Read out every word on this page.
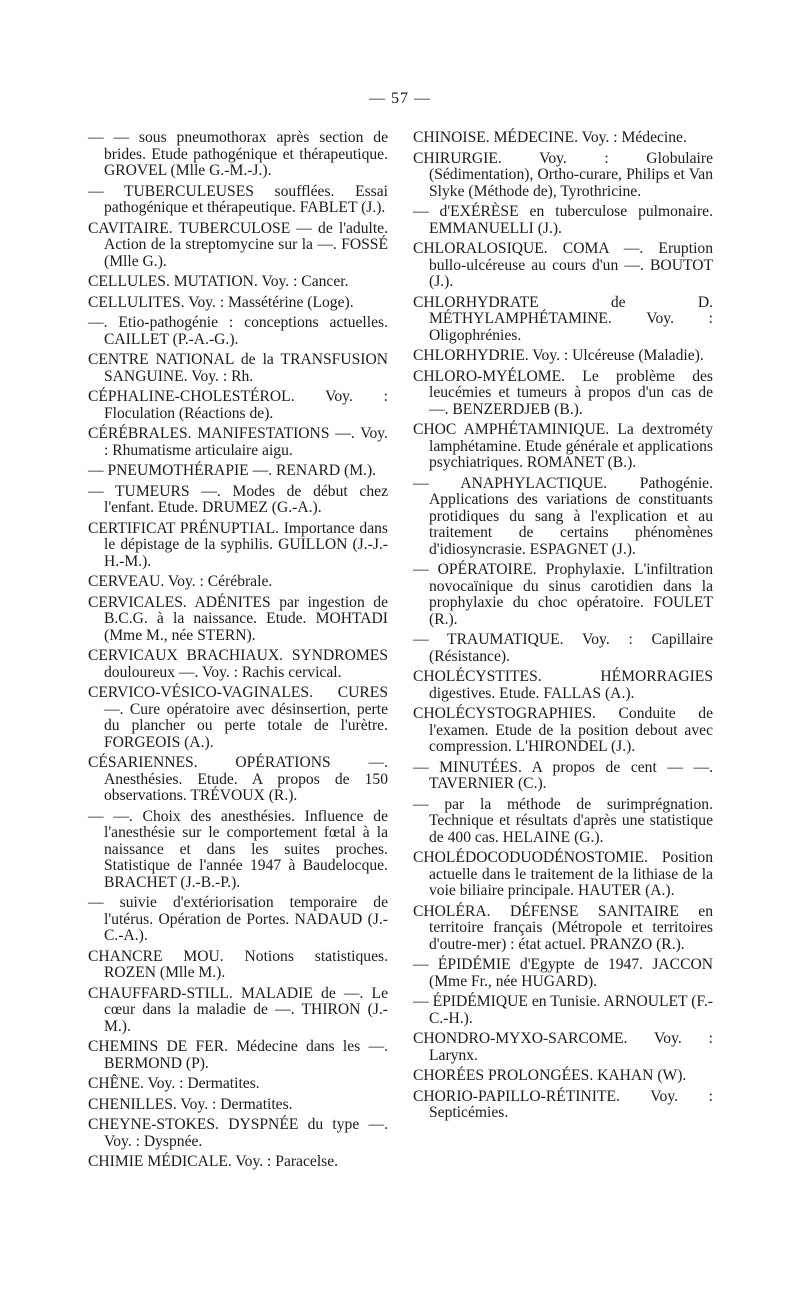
— 57 —

— — sous pneumothorax après section de brides. Etude pathogénique et thérapeutique. GROVEL (Mlle G.-M.-J.).

— TUBERCULEUSES soufflées. Essai pathogénique et thérapeutique. FABLET (J.).

CAVITAIRE. TUBERCULOSE — de l'adulte. Action de la streptomycine sur la —. FOSSÉ (Mlle G.).

CELLULES. MUTATION. Voy. : Cancer.

CELLULITES. Voy. : Massétérine (Loge).

—. Etio-pathogénie : conceptions actuelles. CAILLET (P.-A.-G.).

CENTRE NATIONAL de la TRANSFUSION SANGUINE. Voy. : Rh.

CÉPHALINE-CHOLESTÉROL. Voy. : Floculation (Réactions de).

CÉRÉBRALES. MANIFESTATIONS —. Voy. : Rhumatisme articulaire aigu.

— PNEUMOTHÉRAPIE —. RENARD (M.).

— TUMEURS —. Modes de début chez l'enfant. Etude. DRUMEZ (G.-A.).

CERTIFICAT PRÉNUPTIAL. Importance dans le dépistage de la syphilis. GUILLON (J.-J.-H.-M.).

CERVEAU. Voy. : Cérébrale.

CERVICALES. ADÉNITES par ingestion de B.C.G. à la naissance. Etude. MOHTADI (Mme M., née STERN).

CERVICAUX BRACHIAUX. SYNDROMES douloureux —. Voy. : Rachis cervical.

CERVICO-VÉSICO-VAGINALES. CURES —. Cure opératoire avec désinsertion, perte du plancher ou perte totale de l'urètre. FORGEOIS (A.).

CÉSARIENNES. OPÉRATIONS —. Anesthésies. Etude. A propos de 150 observations. TRÉVOUX (R.).

— —. Choix des anesthésies. Influence de l'anesthésie sur le comportement fœtal à la naissance et dans les suites proches. Statistique de l'année 1947 à Baudelocque. BRACHET (J.-B.-P.).

— suivie d'extériorisation temporaire de l'utérus. Opération de Portes. NADAUD (J.-C.-A.).

CHANCRE MOU. Notions statistiques. ROZEN (Mlle M.).

CHAUFFARD-STILL. MALADIE de —. Le cœur dans la maladie de —. THIRON (J.-M.).

CHEMINS DE FER. Médecine dans les —. BERMOND (P).

CHÊNE. Voy. : Dermatites.

CHENILLES. Voy. : Dermatites.

CHEYNE-STOKES. DYSPNÉE du type —. Voy. : Dyspnée.

CHIMIE MÉDICALE. Voy. : Paracelse.

CHINOISE. MÉDECINE. Voy. : Médecine.

CHIRURGIE. Voy. : Globulaire (Sédimentation), Ortho-curare, Philips et Van Slyke (Méthode de), Tyrothricine.

— d'EXÉRÈSE en tuberculose pulmonaire. EMMANUELLI (J.).

CHLORALOSIQUE. COMA —. Eruption bullo-ulcéreuse au cours d'un —. BOUTOT (J.).

CHLORHYDRATE de D. MÉTHYLAMPHÉTAMINE. Voy. : Oligophrénies.

CHLORHYDRIE. Voy. : Ulcéreuse (Maladie).

CHLORO-MYÉLOME. Le problème des leucémies et tumeurs à propos d'un cas de —. BENZERDJEB (B.).

CHOC AMPHÉTAMINIQUE. La dextrométy lamphétamine. Etude générale et applications psychiatriques. ROMANET (B.).

— ANAPHYLACTIQUE. Pathogénie. Applications des variations de constituants protidiques du sang à l'explication et au traitement de certains phénomènes d'idiosyncrasie. ESPAGNET (J.).

— OPÉRATOIRE. Prophylaxie. L'infiltration novocaïnique du sinus carotidien dans la prophylaxie du choc opératoire. FOULET (R.).

— TRAUMATIQUE. Voy. : Capillaire (Résistance).

CHOLÉCYSTITES. HÉMORRAGIES digestives. Etude. FALLAS (A.).

CHOLÉCYSTOGRAPHIES. Conduite de l'examen. Etude de la position debout avec compression. L'HIRONDEL (J.).

— MINUTÉES. A propos de cent — —. TAVERNIER (C.).

— par la méthode de surimprégnation. Technique et résultats d'après une statistique de 400 cas. HELAINE (G.).

CHOLÉDOCODUODÉNOSTOMIE. Position actuelle dans le traitement de la lithiase de la voie biliaire principale. HAUTER (A.).

CHOLÉRA. DÉFENSE SANITAIRE en territoire français (Métropole et territoires d'outre-mer) : état actuel. PRANZO (R.).

— ÉPIDÉMIE d'Egypte de 1947. JACCON (Mme Fr., née HUGARD).

— ÉPIDÉMIQUE en Tunisie. ARNOULET (F.-C.-H.).

CHONDRO-MYXO-SARCOME. Voy. : Larynx.

CHORÉES PROLONGÉES. KAHAN (W).

CHORIO-PAPILLO-RÉTINITE. Voy. : Septicémies.
